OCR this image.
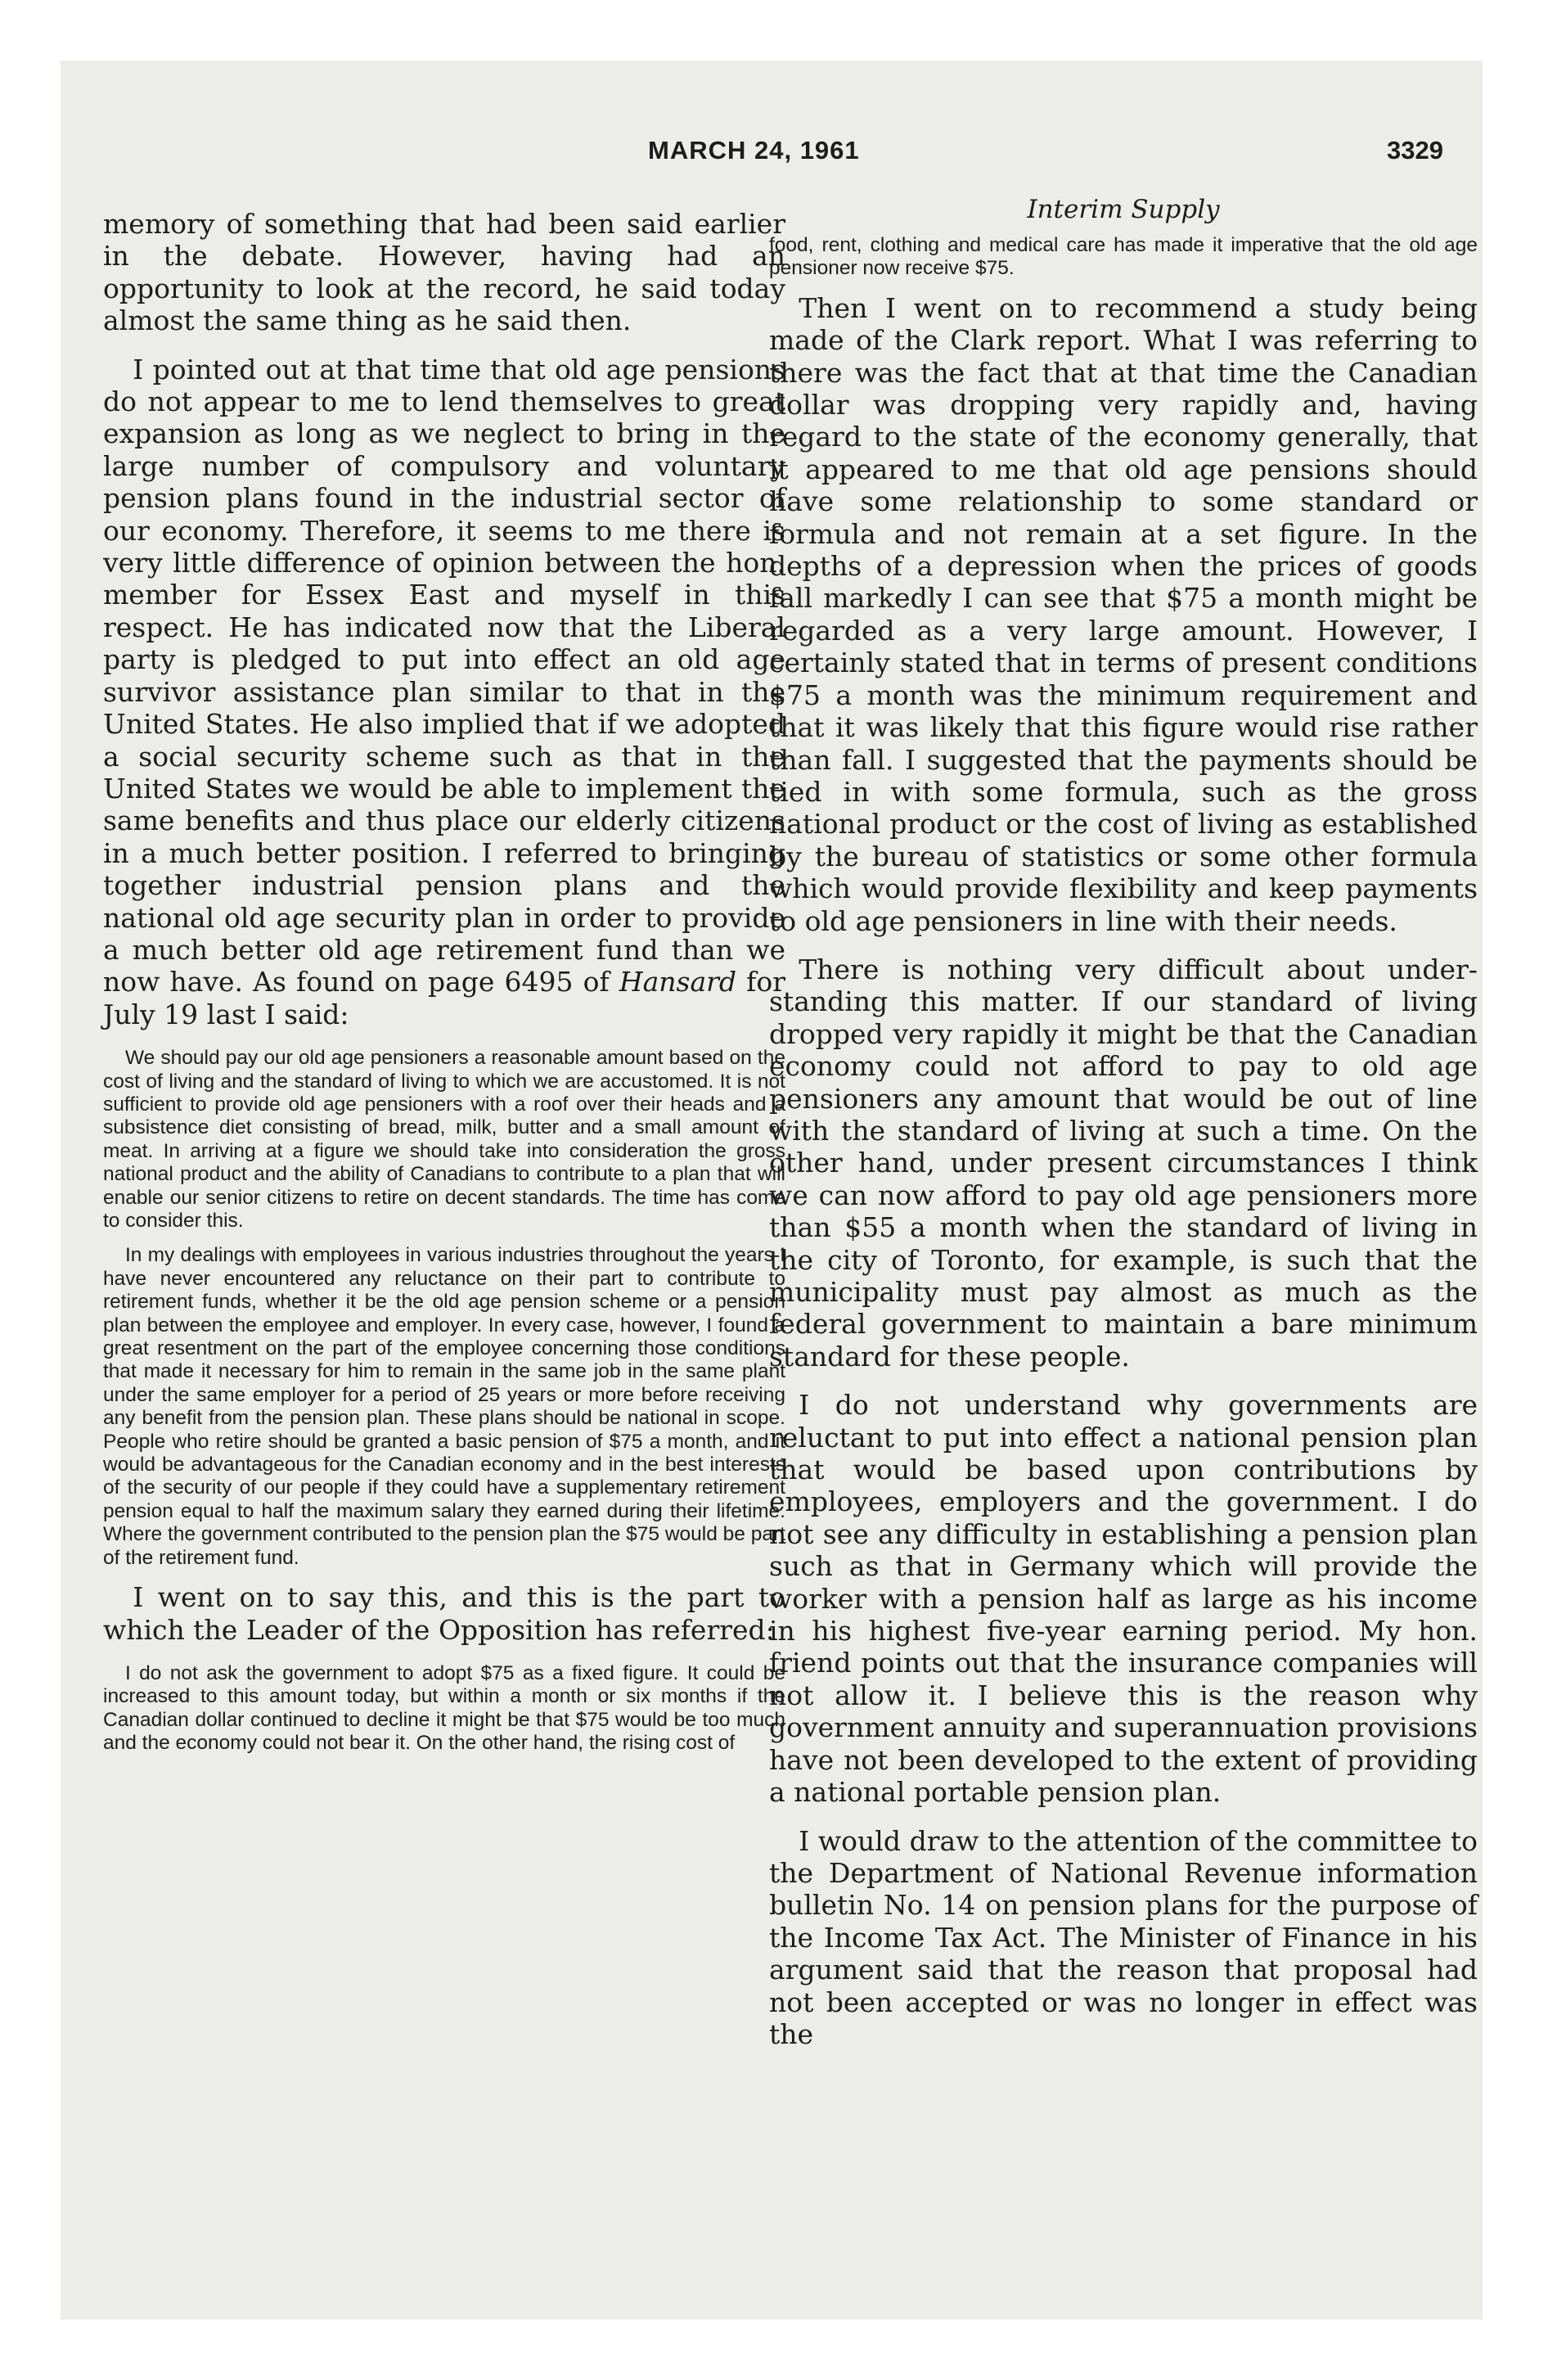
MARCH 24, 1961	3329

memory of something that had been said earlier in the debate. However, having had an opportunity to look at the record, he said today almost the same thing as he said then.

I pointed out at that time that old age pensions do not appear to me to lend themselves to great expansion as long as we neglect to bring in the large number of compulsory and voluntary pension plans found in the industrial sector of our economy. Therefore, it seems to me there is very little difference of opinion between the hon. member for Essex East and myself in this respect. He has indicated now that the Liberal party is pledged to put into effect an old age survivor assistance plan similar to that in the United States. He also implied that if we adopted a social security scheme such as that in the United States we would be able to implement the same benefits and thus place our elderly citizens in a much better position. I referred to bringing together industrial pension plans and the national old age security plan in order to provide a much better old age retirement fund than we now have. As found on page 6495 of Hansard for July 19 last I said:

We should pay our old age pensioners a reasonable amount based on the cost of living and the standard of living to which we are accustomed. It is not sufficient to provide old age pensioners with a roof over their heads and a subsistence diet consisting of bread, milk, butter and a small amount of meat. In arriving at a figure we should take into consideration the gross national product and the ability of Canadians to contribute to a plan that will enable our senior citizens to retire on decent standards. The time has come to consider this.

In my dealings with employees in various industries throughout the years I have never encountered any reluctance on their part to contribute to retirement funds, whether it be the old age pension scheme or a pension plan between the employee and employer. In every case, however, I found a great resentment on the part of the employee concerning those conditions that made it necessary for him to remain in the same job in the same plant under the same employer for a period of 25 years or more before receiving any benefit from the pension plan. These plans should be national in scope. People who retire should be granted a basic pension of $75 a month, and it would be advantageous for the Canadian economy and in the best interests of the security of our people if they could have a supplementary retirement pension equal to half the maximum salary they earned during their lifetime. Where the government contributed to the pension plan the $75 would be part of the retirement fund.

I went on to say this, and this is the part to which the Leader of the Opposition has referred:

I do not ask the government to adopt $75 as a fixed figure. It could be increased to this amount today, but within a month or six months if the Canadian dollar continued to decline it might be that $75 would be too much and the economy could not bear it. On the other hand, the rising cost of

Interim Supply

food, rent, clothing and medical care has made it imperative that the old age pensioner now receive $75.

Then I went on to recommend a study being made of the Clark report. What I was referring to there was the fact that at that time the Canadian dollar was dropping very rapidly and, having regard to the state of the economy generally, that it appeared to me that old age pensions should have some relationship to some standard or formula and not remain at a set figure. In the depths of a depression when the prices of goods fall markedly I can see that $75 a month might be regarded as a very large amount. However, I certainly stated that in terms of present conditions $75 a month was the minimum requirement and that it was likely that this figure would rise rather than fall. I suggested that the payments should be tied in with some formula, such as the gross national product or the cost of living as established by the bureau of statistics or some other formula which would provide flexibility and keep payments to old age pensioners in line with their needs.

There is nothing very difficult about understanding this matter. If our standard of living dropped very rapidly it might be that the Canadian economy could not afford to pay to old age pensioners any amount that would be out of line with the standard of living at such a time. On the other hand, under present circumstances I think we can now afford to pay old age pensioners more than $55 a month when the standard of living in the city of Toronto, for example, is such that the municipality must pay almost as much as the federal government to maintain a bare minimum standard for these people.

I do not understand why governments are reluctant to put into effect a national pension plan that would be based upon contributions by employees, employers and the government. I do not see any difficulty in establishing a pension plan such as that in Germany which will provide the worker with a pension half as large as his income in his highest five-year earning period. My hon. friend points out that the insurance companies will not allow it. I believe this is the reason why government annuity and superannuation provisions have not been developed to the extent of providing a national portable pension plan.

I would draw to the attention of the committee to the Department of National Revenue information bulletin No. 14 on pension plans for the purpose of the Income Tax Act. The Minister of Finance in his argument said that the reason that proposal had not been accepted or was no longer in effect was the
